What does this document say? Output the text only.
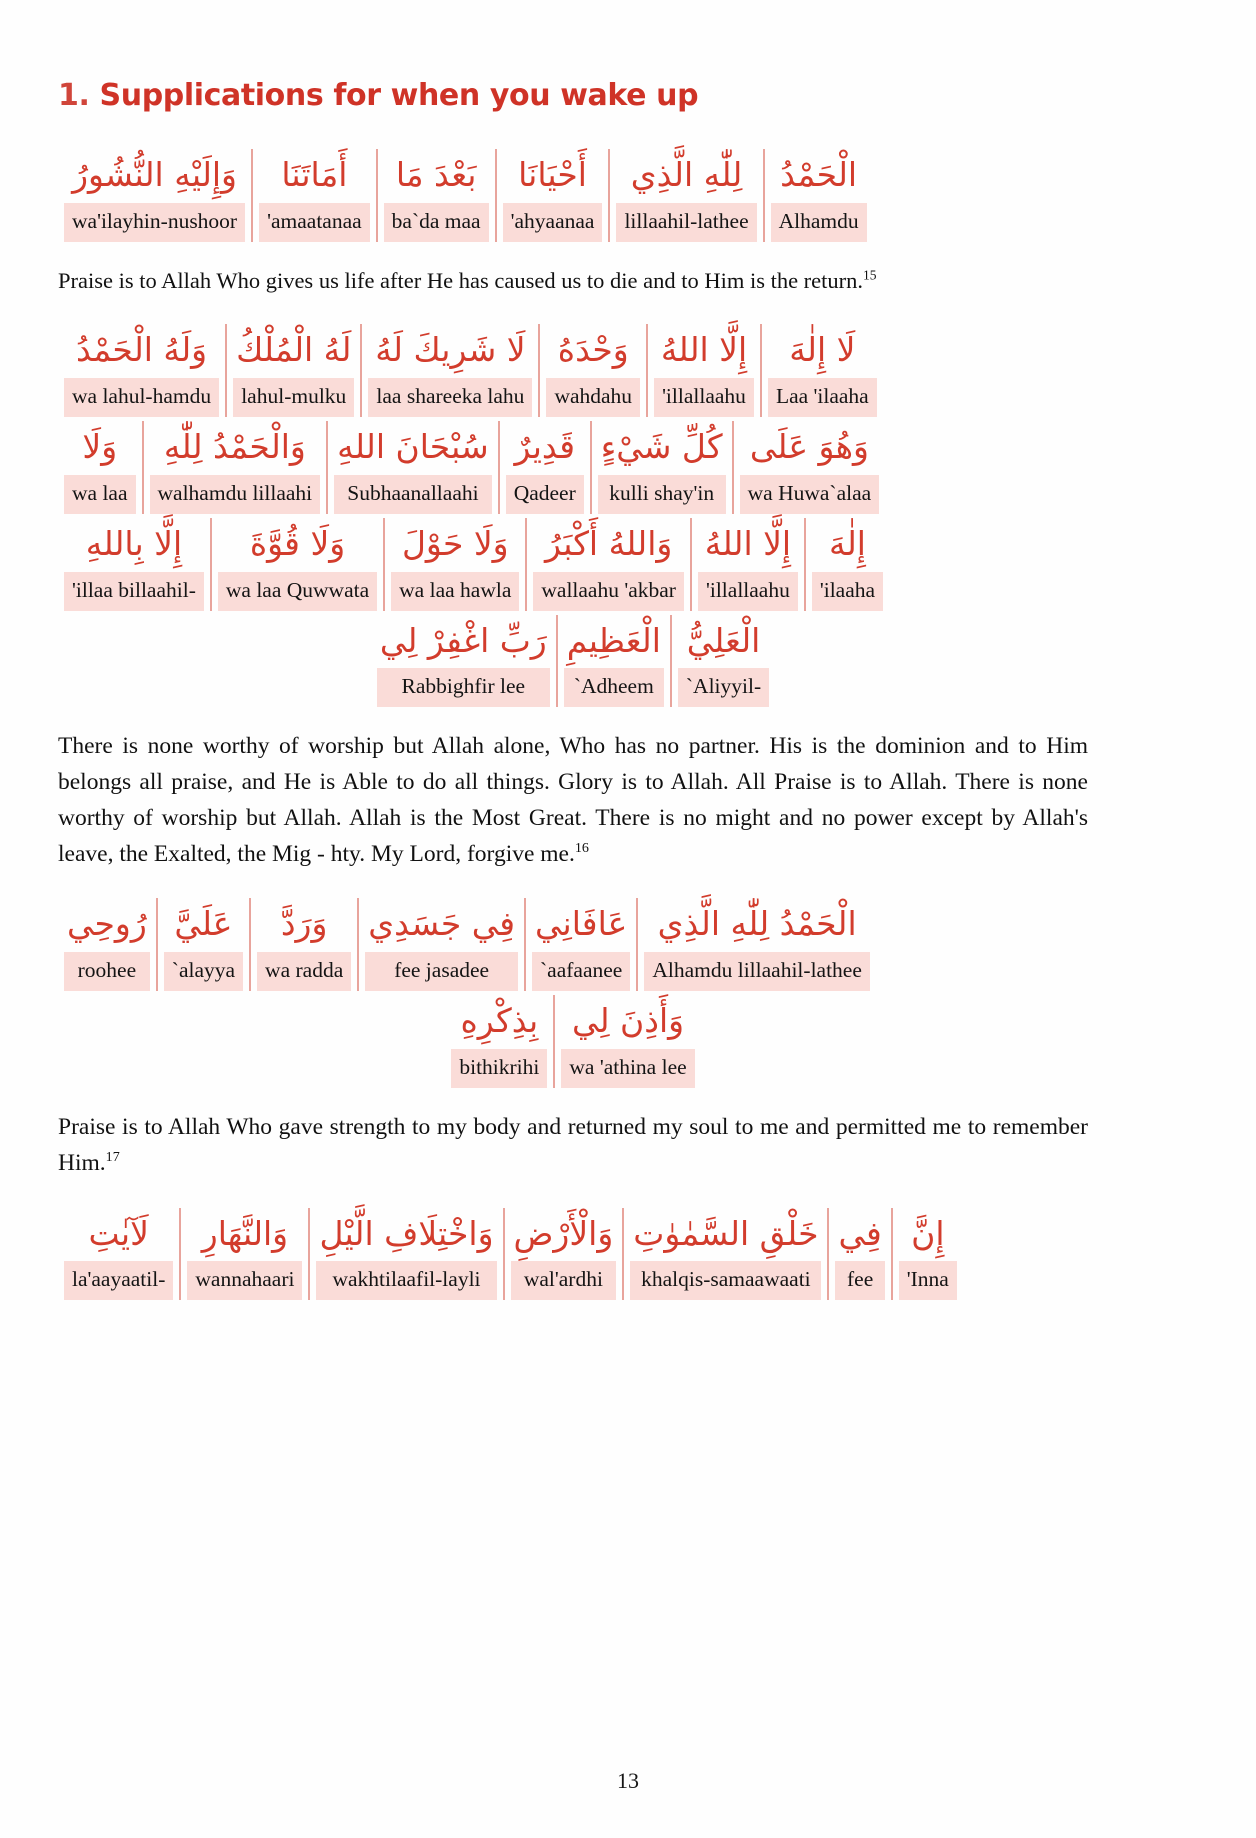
1. Supplications for when you wake up
الْحَمْدُ
Alhamdu
لِلّٰهِ الَّذِي
lillaahil-lathee
أَحْيَانَا
'ahyaanaa
بَعْدَ مَا
ba`da maa
أَمَاتَنَا
'amaatanaa
وَإِلَيْهِ النُّشُورُ
wa'ilayhin-nushoor

Praise is to Allah Who gives us life after He has caused us to die and to Him is the return.$^{15}$

لَا إِلٰهَ
Laa 'ilaaha
إِلَّا اللهُ
'illallaahu
وَحْدَهُ
wahdahu
لَا شَرِيكَ لَهُ
laa shareeka lahu
لَهُ الْمُلْكُ
lahul-mulku
وَلَهُ الْحَمْدُ
wa lahul-hamdu
وَهُوَ عَلَى
wa Huwa`alaa
كُلِّ شَيْءٍ
kulli shay'in
قَدِيرٌ
Qadeer
سُبْحَانَ اللهِ
Subhaanallaahi
وَالْحَمْدُ لِلّٰهِ
walhamdu lillaahi
وَلَا
wa laa
إِلٰهَ
'ilaaha
إِلَّا اللهُ
'illallaahu
وَاللهُ أَكْبَرُ
wallaahu 'akbar
وَلَا حَوْلَ
wa laa hawla
وَلَا قُوَّةَ
wa laa Quwwata
إِلَّا بِاللهِ
'illaa billaahil-
الْعَلِيُّ
`Aliyyil-
الْعَظِيمِ
`Adheem
رَبِّ اغْفِرْ لِي
Rabbighfir lee

There is none worthy of worship but Allah alone, Who has no partner. His is the dominion and to Him belongs all praise, and He is Able to do all things. Glory is to Allah. All Praise is to Allah. There is none worthy of worship but Allah. Allah is the Most Great. There is no might and no power except by Allah's leave, the Exalted, the Mig - hty. My Lord, forgive me.$^{16}$

الْحَمْدُ لِلّٰهِ الَّذِي
Alhamdu lillaahil-lathee
عَافَانِي
`aafaanee
فِي جَسَدِي
fee jasadee
وَرَدَّ
wa radda
عَلَيَّ
`alayya
رُوحِي
roohee
وَأَذِنَ لِي
wa 'athina lee
بِذِكْرِهِ
bithikrihi

Praise is to Allah Who gave strength to my body and returned my soul to me and permitted me to remember Him.$^{17}$

إِنَّ
'Inna
فِي
fee
خَلْقِ السَّمٰوٰتِ
khalqis-samaawaati
وَالْأَرْضِ
wal'ardhi
وَاخْتِلَافِ الَّيْلِ
wakhtilaafil-layli
وَالنَّهَارِ
wannahaari
لَآيٰتِ
la'aayaatil-
13
